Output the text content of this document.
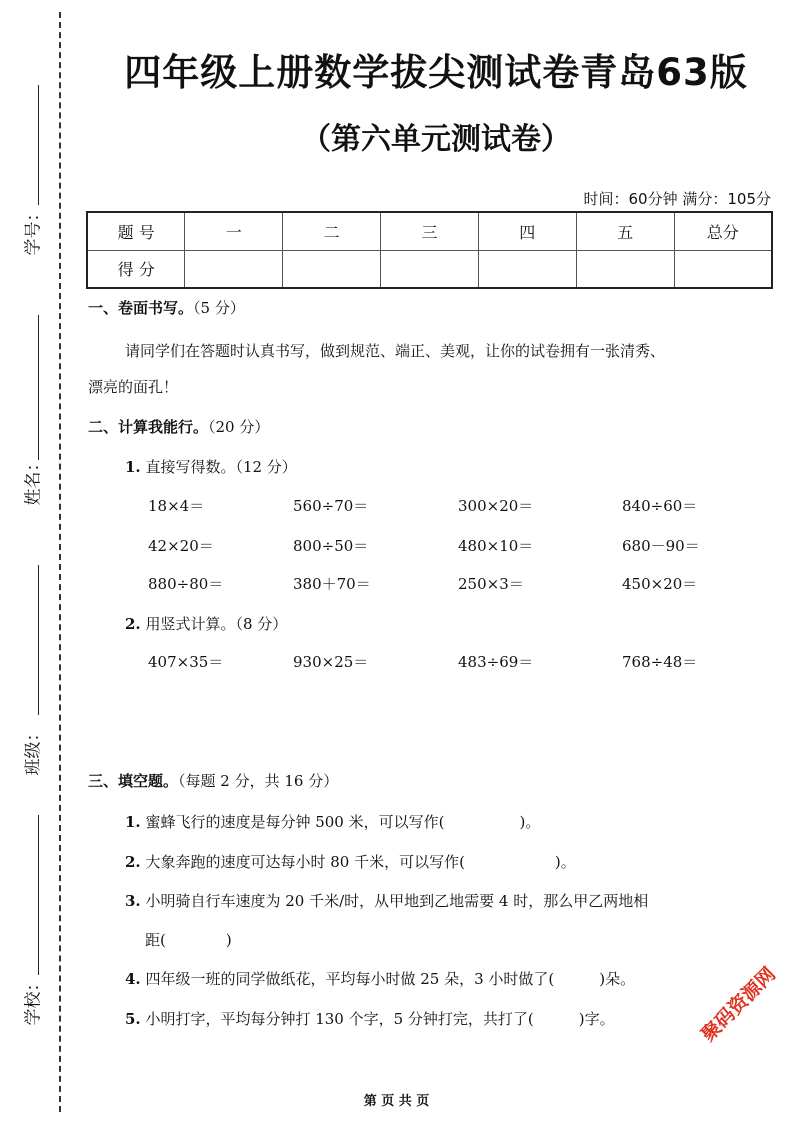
学号：
姓名：
班级：
学校：
四年级上册数学拔尖测试卷青岛63版
（第六单元测试卷）
时间：60分钟 满分：105分
题 号	一	二	三	四	五	总分
得 分						
一、卷面书写。（5 分）
请同学们在答题时认真书写，做到规范、端正、美观，让你的试卷拥有一张清秀、
漂亮的面孔！
二、计算我能行。（20 分）
1. 直接写得数。（12 分）
18×4＝	560÷70＝	300×20＝	840÷60＝
42×20＝	800÷50＝	480×10＝	680－90＝
880÷80＝	380＋70＝	250×3＝	450×20＝
407×35＝	930×25＝	483÷69＝	768÷48＝
2. 用竖式计算。（8 分）
三、填空题。（每题 2 分，共 16 分）
1. 蜜蜂飞行的速度是每分钟 500 米，可以写作(　　　　　)。
2. 大象奔跑的速度可达每小时 80 千米，可以写作(　　　　　　)。
3. 小明骑自行车速度为 20 千米/时，从甲地到乙地需要 4 时，那么甲乙两地相
距(　　　　)
4. 四年级一班的同学做纸花，平均每小时做 25 朵，3 小时做了(　　　)朵。
5. 小明打字，平均每分钟打 130 个字，5 分钟打完，共打了(　　　)字。	聚码资源网
第 页 共 页
